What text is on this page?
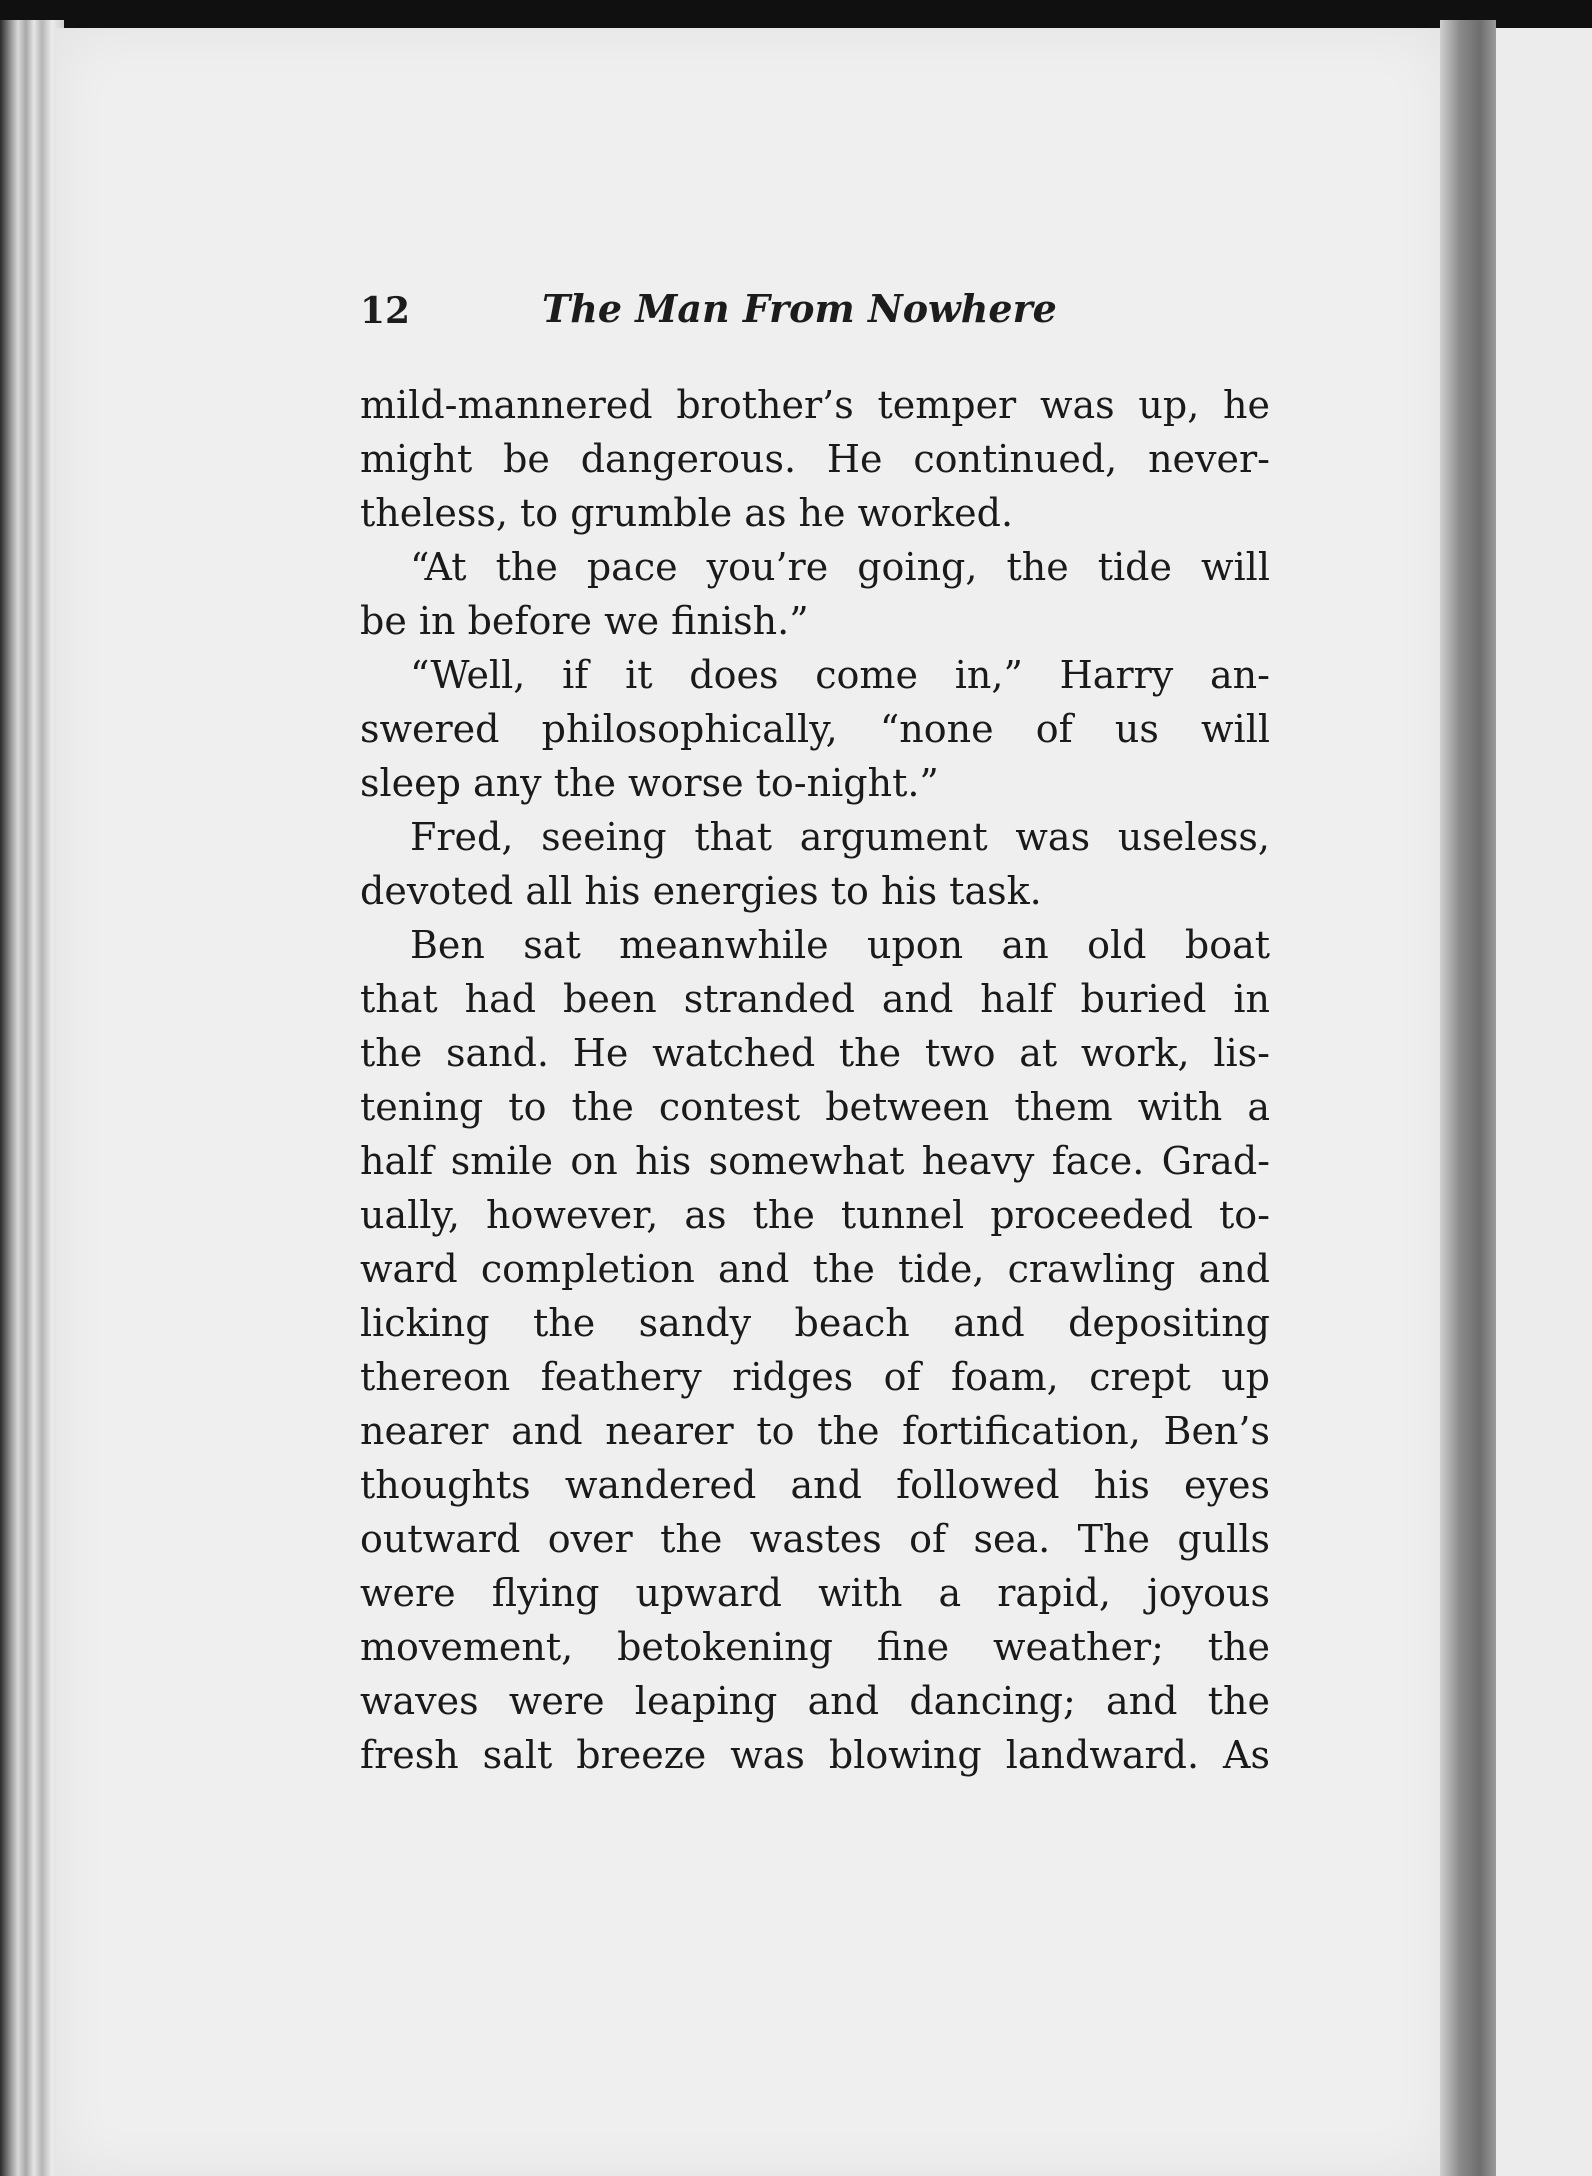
12	The Man From Nowhere
mild-mannered brother’s temper was up, he
might be dangerous. He continued, never-
theless, to grumble as he worked.
“At the pace you’re going, the tide will
be in before we finish.”
“Well, if it does come in,” Harry an-
swered philosophically, “none of us will
sleep any the worse to-night.”
Fred, seeing that argument was useless,
devoted all his energies to his task.
Ben sat meanwhile upon an old boat
that had been stranded and half buried in
the sand. He watched the two at work, lis-
tening to the contest between them with a
half smile on his somewhat heavy face. Grad-
ually, however, as the tunnel proceeded to-
ward completion and the tide, crawling and
licking the sandy beach and depositing
thereon feathery ridges of foam, crept up
nearer and nearer to the fortification, Ben’s
thoughts wandered and followed his eyes
outward over the wastes of sea. The gulls
were flying upward with a rapid, joyous
movement, betokening fine weather; the
waves were leaping and dancing; and the
fresh salt breeze was blowing landward. As
